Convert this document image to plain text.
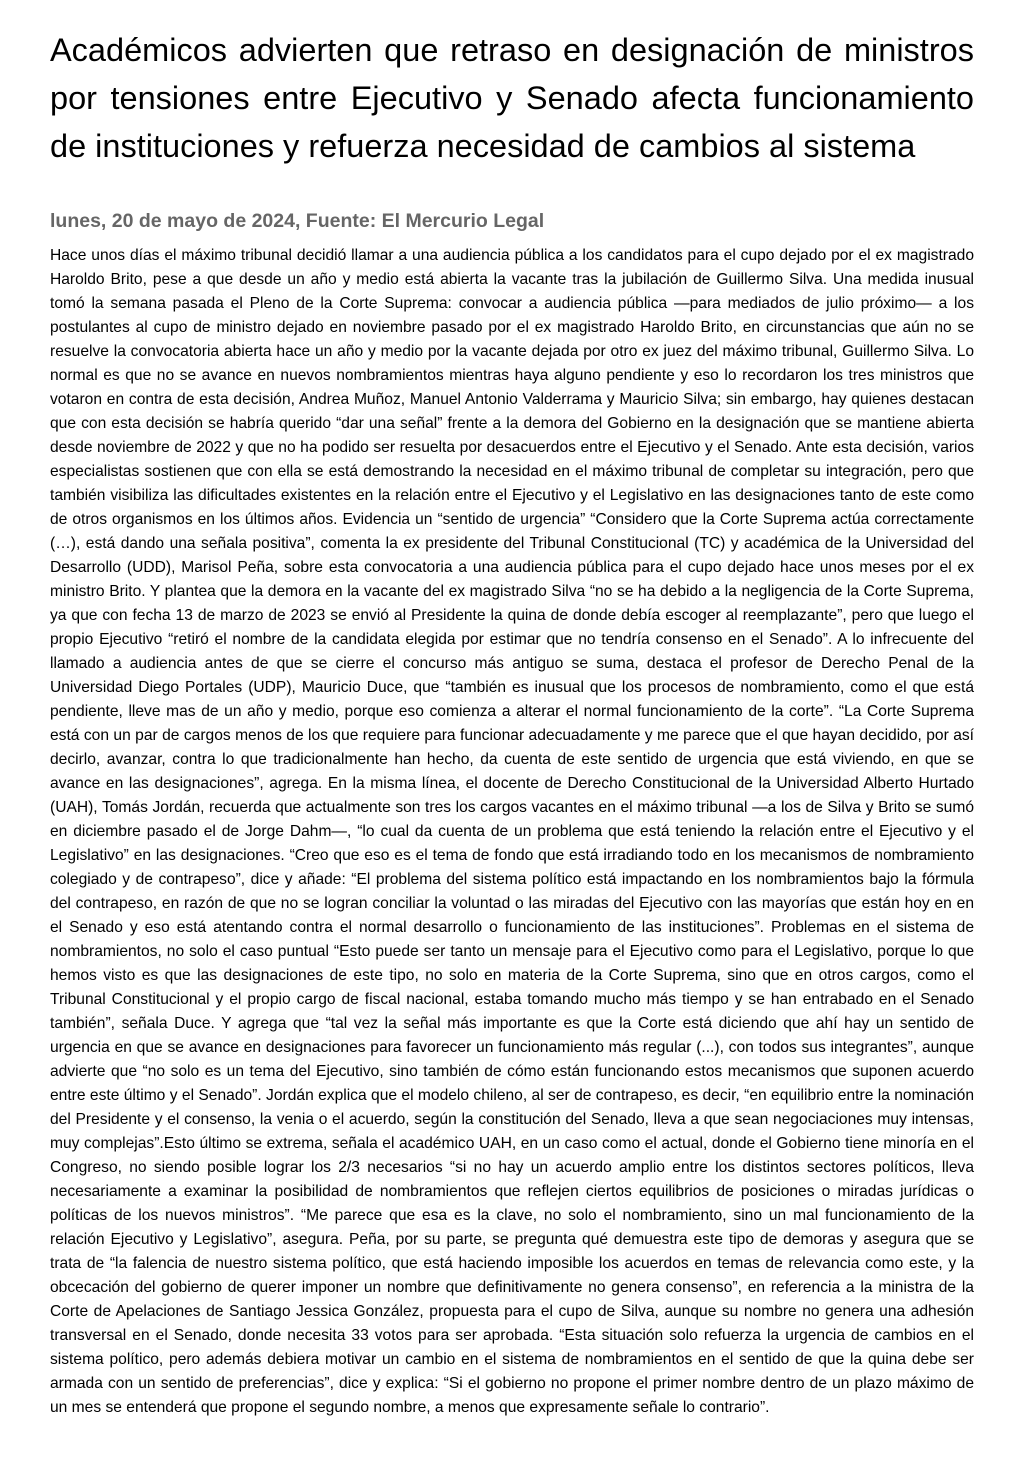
Académicos advierten que retraso en designación de ministros por tensiones entre Ejecutivo y Senado afecta funcionamiento de instituciones y refuerza necesidad de cambios al sistema
lunes, 20 de mayo de 2024, Fuente: El Mercurio Legal

Hace unos días el máximo tribunal decidió llamar a una audiencia pública a los candidatos para el cupo dejado por el ex magistrado Haroldo Brito, pese a que desde un año y medio está abierta la vacante tras la jubilación de Guillermo Silva. Una medida inusual tomó la semana pasada el Pleno de la Corte Suprema: convocar a audiencia pública —para mediados de julio próximo— a los postulantes al cupo de ministro dejado en noviembre pasado por el ex magistrado Haroldo Brito, en circunstancias que aún no se resuelve la convocatoria abierta hace un año y medio por la vacante dejada por otro ex juez del máximo tribunal, Guillermo Silva. Lo normal es que no se avance en nuevos nombramientos mientras haya alguno pendiente y eso lo recordaron los tres ministros que votaron en contra de esta decisión, Andrea Muñoz, Manuel Antonio Valderrama y Mauricio Silva; sin embargo, hay quienes destacan que con esta decisión se habría querido “dar una señal” frente a la demora del Gobierno en la designación que se mantiene abierta desde noviembre de 2022 y que no ha podido ser resuelta por desacuerdos entre el Ejecutivo y el Senado. Ante esta decisión, varios especialistas sostienen que con ella se está demostrando la necesidad en el máximo tribunal de completar su integración, pero que también visibiliza las dificultades existentes en la relación entre el Ejecutivo y el Legislativo en las designaciones tanto de este como de otros organismos en los últimos años. Evidencia un “sentido de urgencia” “Considero que la Corte Suprema actúa correctamente (…), está dando una señala positiva”, comenta la ex presidente del Tribunal Constitucional (TC) y académica de la Universidad del Desarrollo (UDD), Marisol Peña, sobre esta convocatoria a una audiencia pública para el cupo dejado hace unos meses por el ex ministro Brito. Y plantea que la demora en la vacante del ex magistrado Silva “no se ha debido a la negligencia de la Corte Suprema, ya que con fecha 13 de marzo de 2023 se envió al Presidente la quina de donde debía escoger al reemplazante”, pero que luego el propio Ejecutivo “retiró el nombre de la candidata elegida por estimar que no tendría consenso en el Senado”. A lo infrecuente del llamado a audiencia antes de que se cierre el concurso más antiguo se suma, destaca el profesor de Derecho Penal de la Universidad Diego Portales (UDP), Mauricio Duce, que “también es inusual que los procesos de nombramiento, como el que está pendiente, lleve mas de un año y medio, porque eso comienza a alterar el normal funcionamiento de la corte”. “La Corte Suprema está con un par de cargos menos de los que requiere para funcionar adecuadamente y me parece que el que hayan decidido, por así decirlo, avanzar, contra lo que tradicionalmente han hecho, da cuenta de este sentido de urgencia que está viviendo, en que se avance en las designaciones”, agrega. En la misma línea, el docente de Derecho Constitucional de la Universidad Alberto Hurtado (UAH), Tomás Jordán, recuerda que actualmente son tres los cargos vacantes en el máximo tribunal —a los de Silva y Brito se sumó en diciembre pasado el de Jorge Dahm—, “lo cual da cuenta de un problema que está teniendo la relación entre el Ejecutivo y el Legislativo” en las designaciones. “Creo que eso es el tema de fondo que está irradiando todo en los mecanismos de nombramiento colegiado y de contrapeso”, dice y añade: “El problema del sistema político está impactando en los nombramientos bajo la fórmula del contrapeso, en razón de que no se logran conciliar la voluntad o las miradas del Ejecutivo con las mayorías que están hoy en en el Senado y eso está atentando contra el normal desarrollo o funcionamiento de las instituciones”. Problemas en el sistema de nombramientos, no solo el caso puntual “Esto puede ser tanto un mensaje para el Ejecutivo como para el Legislativo, porque lo que hemos visto es que las designaciones de este tipo, no solo en materia de la Corte Suprema, sino que en otros cargos, como el Tribunal Constitucional y el propio cargo de fiscal nacional, estaba tomando mucho más tiempo y se han entrabado en el Senado también”, señala Duce. Y agrega que “tal vez la señal más importante es que la Corte está diciendo que ahí hay un sentido de urgencia en que se avance en designaciones para favorecer un funcionamiento más regular (...), con todos sus integrantes”, aunque advierte que “no solo es un tema del Ejecutivo, sino también de cómo están funcionando estos mecanismos que suponen acuerdo entre este último y el Senado”. Jordán explica que el modelo chileno, al ser de contrapeso, es decir, “en equilibrio entre la nominación del Presidente y el consenso, la venia o el acuerdo, según la constitución del Senado, lleva a que sean negociaciones muy intensas, muy complejas”.Esto último se extrema, señala el académico UAH, en un caso como el actual, donde el Gobierno tiene minoría en el Congreso, no siendo posible lograr los 2/3 necesarios “si no hay un acuerdo amplio entre los distintos sectores políticos, lleva necesariamente a examinar la posibilidad de nombramientos que reflejen ciertos equilibrios de posiciones o miradas jurídicas o políticas de los nuevos ministros”. “Me parece que esa es la clave, no solo el nombramiento, sino un mal funcionamiento de la relación Ejecutivo y Legislativo”, asegura. Peña, por su parte, se pregunta qué demuestra este tipo de demoras y asegura que se trata de “la falencia de nuestro sistema político, que está haciendo imposible los acuerdos en temas de relevancia como este, y la obcecación del gobierno de querer imponer un nombre que definitivamente no genera consenso”, en referencia a la ministra de la Corte de Apelaciones de Santiago Jessica González, propuesta para el cupo de Silva, aunque su nombre no genera una adhesión transversal en el Senado, donde necesita 33 votos para ser aprobada. “Esta situación solo refuerza la urgencia de cambios en el sistema político, pero además debiera motivar un cambio en el sistema de nombramientos en el sentido de que la quina debe ser armada con un sentido de preferencias”, dice y explica: “Si el gobierno no propone el primer nombre dentro de un plazo máximo de un mes se entenderá que propone el segundo nombre, a menos que expresamente señale lo contrario”.
